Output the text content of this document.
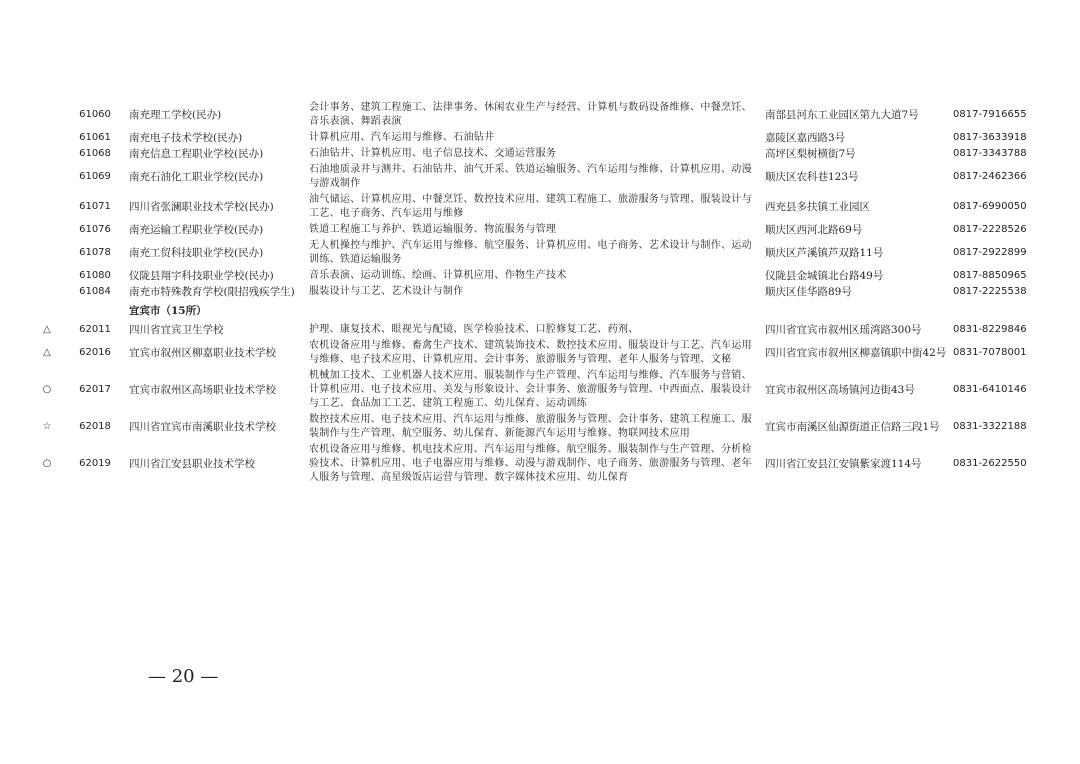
	61060	南充理工学校(民办)	会计事务、建筑工程施工、法律事务、休闲农业生产与经营、计算机与数码设备维修、中餐烹饪、音乐表演、舞蹈表演	南部县河东工业园区第九大道7号	0817-7916655
	61061	南充电子技术学校(民办)	计算机应用、汽车运用与维修、石油钻井	嘉陵区嘉西路3号	0817-3633918
	61068	南充信息工程职业学校(民办)	石油钻井、计算机应用、电子信息技术、交通运营服务	高坪区梨树横街7号	0817-3343788
	61069	南充石油化工职业学校(民办)	石油地质录井与测井、石油钻井、油气开采、铁道运输服务、汽车运用与维修、计算机应用、动漫与游戏制作	顺庆区农科巷123号	0817-2462366
	61071	四川省张澜职业技术学校(民办)	油气储运、计算机应用、中餐烹饪、数控技术应用、建筑工程施工、旅游服务与管理、服装设计与工艺、电子商务、汽车运用与维修	西充县多扶镇工业园区	0817-6990050
	61076	南充运输工程职业学校(民办)	铁道工程施工与养护、铁道运输服务、物流服务与管理	顺庆区西河北路69号	0817-2228526
	61078	南充工贸科技职业学校(民办)	无人机操控与维护、汽车运用与维修、航空服务、计算机应用、电子商务、艺术设计与制作、运动训练、铁道运输服务	顺庆区芦溪镇芦双路11号	0817-2922899
	61080	仪陇县翔宇科技职业学校(民办)	音乐表演、运动训练、绘画、计算机应用、作物生产技术	仪陇县金城镇北台路49号	0817-8850965
	61084	南充市特殊教育学校(限招残疾学生)	服装设计与工艺、艺术设计与制作	顺庆区佳华路89号	0817-2225538
		宜宾市（15所）			
△	62011	四川省宜宾卫生学校	护理、康复技术、眼视光与配镜、医学检验技术、口腔修复工艺、药剂、	四川省宜宾市叙州区瑶湾路300号	0831-8229846
△	62016	宜宾市叙州区柳嘉职业技术学校	农机设备应用与维修、畜禽生产技术、建筑装饰技术、数控技术应用、服装设计与工艺、汽车运用与维修、电子技术应用、计算机应用、会计事务、旅游服务与管理、老年人服务与管理、文秘	四川省宜宾市叙州区柳嘉镇职中街42号	0831-7078001
○	62017	宜宾市叙州区高场职业技术学校	机械加工技术、工业机器人技术应用、服装制作与生产管理、汽车运用与维修、汽车服务与营销、计算机应用、电子技术应用、美发与形象设计、会计事务、旅游服务与管理、中西面点、服装设计与工艺、食品加工工艺、建筑工程施工、幼儿保育、运动训练	宜宾市叙州区高场镇河边街43号	0831-6410146
☆	62018	四川省宜宾市南溪职业技术学校	数控技术应用、电子技术应用、汽车运用与维修、旅游服务与管理、会计事务、建筑工程施工、服装制作与生产管理、航空服务、幼儿保育、新能源汽车运用与维修、物联网技术应用	宜宾市南溪区仙源街道正信路三段1号	0831-3322188
○	62019	四川省江安县职业技术学校	农机设备应用与维修、机电技术应用、汽车运用与维修、航空服务、服装制作与生产管理、分析检验技术、计算机应用、电子电器应用与维修、动漫与游戏制作、电子商务、旅游服务与管理、老年人服务与管理、高星级饭店运营与管理、数字媒体技术应用、幼儿保育	四川省江安县江安镇紫家渡114号	0831-2622550
— 20 —
